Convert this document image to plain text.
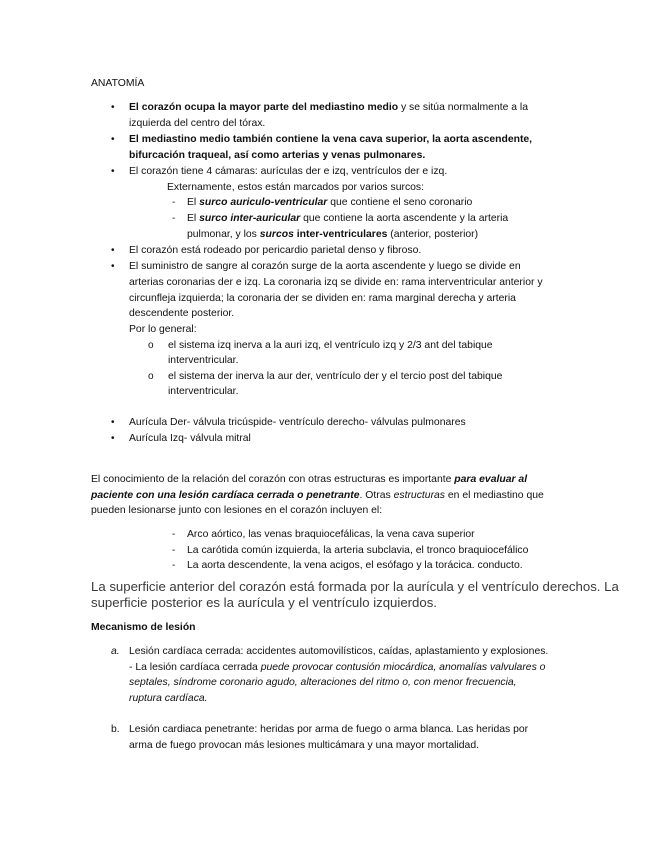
ANATOMÍA
• El corazón ocupa la mayor parte del mediastino medio y se sitúa normalmente a la
izquierda del centro del tórax.
• El mediastino medio también contiene la vena cava superior, la aorta ascendente,
bifurcación traqueal, así como arterias y venas pulmonares.
• El corazón tiene 4 cámaras: aurículas der e izq, ventrículos der e izq.
Externamente, estos están marcados por varios surcos:
- El surco auriculo-ventricular que contiene el seno coronario
- El surco inter-auricular que contiene la aorta ascendente y la arteria
pulmonar, y los surcos inter-ventriculares (anterior, posterior)
• El corazón está rodeado por pericardio parietal denso y fibroso.
• El suministro de sangre al corazón surge de la aorta ascendente y luego se divide en
arterias coronarias der e izq. La coronaria izq se divide en: rama interventricular anterior y
circunfleja izquierda; la coronaria der se dividen en: rama marginal derecha y arteria
descendente posterior.
Por lo general:
o el sistema izq inerva a la auri izq, el ventrículo izq y 2/3 ant del tabique
interventricular.
o el sistema der inerva la aur der, ventrículo der y el tercio post del tabique
interventricular.
• Aurícula Der- válvula tricúspide- ventrículo derecho- válvulas pulmonares
• Aurícula Izq- válvula mitral
El conocimiento de la relación del corazón con otras estructuras es importante para evaluar al
paciente con una lesión cardíaca cerrada o penetrante. Otras estructuras en el mediastino que
pueden lesionarse junto con lesiones en el corazón incluyen el:
- Arco aórtico, las venas braquiocefálicas, la vena cava superior
- La carótida común izquierda, la arteria subclavia, el tronco braquiocefálico
- La aorta descendente, la vena acigos, el esófago y la torácica. conducto.
La superficie anterior del corazón está formada por la aurícula y el ventrículo derechos. La
superficie posterior es la aurícula y el ventrículo izquierdos.
Mecanismo de lesión
a. Lesión cardíaca cerrada: accidentes automovilísticos, caídas, aplastamiento y explosiones.
- La lesión cardíaca cerrada puede provocar contusión miocárdica, anomalías valvulares o
septales, síndrome coronario agudo, alteraciones del ritmo o, con menor frecuencia,
ruptura cardíaca.
b. Lesión cardiaca penetrante: heridas por arma de fuego o arma blanca. Las heridas por
arma de fuego provocan más lesiones multicámara y una mayor mortalidad.
